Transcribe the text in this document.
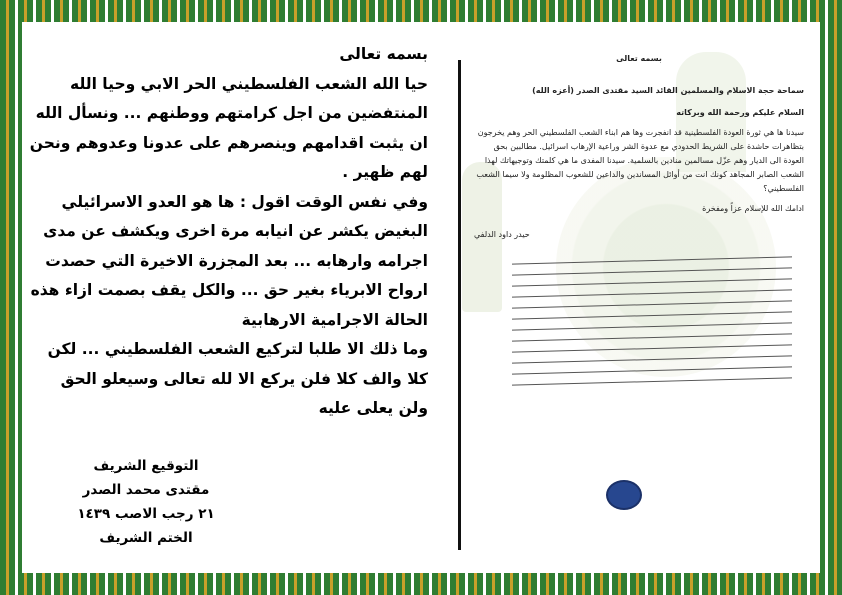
بسمه تعالى

حيا الله الشعب الفلسطيني الحر الابي وحيا الله المنتفضين من اجل كرامتهم ووطنهم ... ونسأل الله ان يثبت اقدامهم وينصرهم على عدونا وعدوهم ونحن لهم ظهير .

وفي نفس الوقت اقول : ها هو العدو الاسرائيلي البغيض يكشر عن انيابه مرة اخرى ويكشف عن مدى اجرامه وارهابه ... بعد المجزرة الاخيرة التي حصدت ارواح الابرياء بغير حق ... والكل يقف بصمت ازاء هذه الحالة الاجرامية الارهابية

وما ذلك الا طلبا لتركيع الشعب الفلسطيني ... لكن كلا والف كلا فلن يركع الا لله تعالى وسيعلو الحق ولن يعلى عليه

التوقيع الشريف
مقتدى محمد الصدر
٢١ رجب الاصب ١٤٣٩
الختم الشريف
بسمه تعالى
سماحة حجة الاسلام والمسلمين القائد السيد مقتدى الصدر (أعزه الله)
السلام عليكم ورحمة الله وبركاته
سيدنا ها هي ثورة العودة الفلسطينية قد انفجرت وها هم ابناء الشعب الفلسطيني الحر وهم يخرجون بتظاهرات حاشدة على الشريط الحدودي مع عدوة الشر وراعية الإرهاب اسرائيل. مطالبين بحق العودة الى الديار وهم عزّل مسالمين منادين بالسلمية. سيدنا المفدى ما هي كلمتك وتوجيهاتك لهذا الشعب الصابر المجاهد كونك انت من أوائل المساندين والداعين للشعوب المظلومة ولا سيما الشعب الفلسطيني؟
ادامك الله للإسلام عزاً ومفخرة
حيدر داود الدلفي
